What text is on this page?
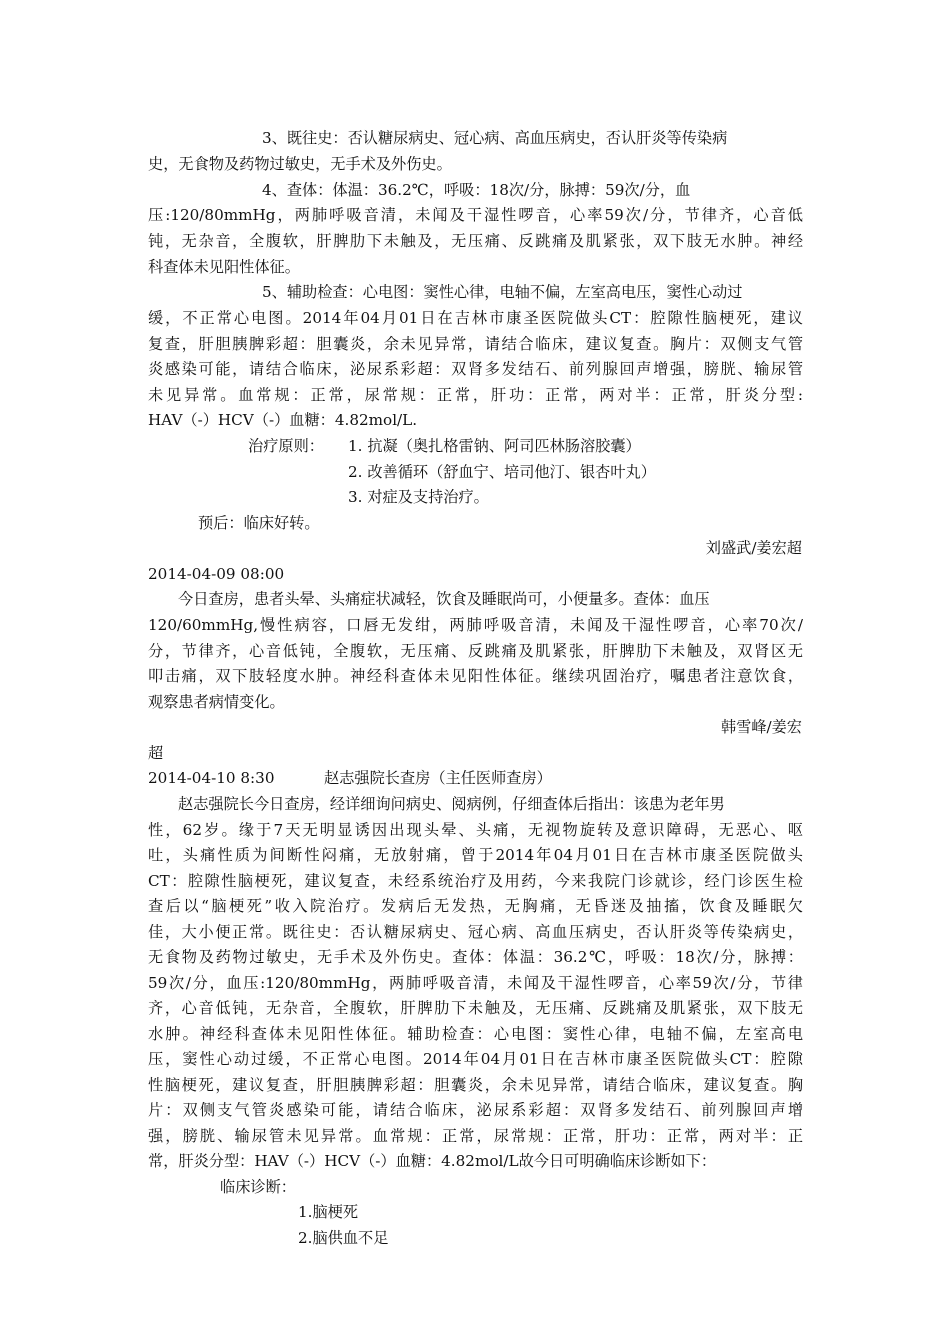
3、既往史：否认糖尿病史、冠心病、高血压病史，否认肝炎等传染病
史，无食物及药物过敏史，无手术及外伤史。
4、查体：体温：36.2℃，呼吸：18次/分，脉搏：59次/分，血
压:120/80mmHg，两肺呼吸音清，未闻及干湿性啰音，心率59次/分，节律齐，心音低
钝，无杂音，全腹软，肝脾肋下未触及，无压痛、反跳痛及肌紧张，双下肢无水肿。神经
科查体未见阳性体征。
5、辅助检查：心电图：窦性心律，电轴不偏，左室高电压，窦性心动过
缓，不正常心电图。2014年04月01日在吉林市康圣医院做头CT：腔隙性脑梗死，建议
复查，肝胆胰脾彩超：胆囊炎，余未见异常，请结合临床，建议复查。胸片：双侧支气管
炎感染可能，请结合临床，泌尿系彩超：双肾多发结石、前列腺回声增强，膀胱、输尿管
未见异常。血常规：正常，尿常规：正常，肝功：正常，两对半：正常，肝炎分型:
HAV（-）HCV（-）血糖：4.82mol/L.
治疗原则： 1. 抗凝（奥扎格雷钠、阿司匹林肠溶胶囊）
2. 改善循环（舒血宁、培司他汀、银杏叶丸）
3. 对症及支持治疗。
预后：临床好转。
刘盛武/姜宏超
2014-04-09 08:00
今日查房，患者头晕、头痛症状减轻，饮食及睡眠尚可，小便量多。查体：血压
120/60mmHg,慢性病容，口唇无发绀，两肺呼吸音清，未闻及干湿性啰音，心率70次/
分，节律齐，心音低钝，全腹软，无压痛、反跳痛及肌紧张，肝脾肋下未触及，双肾区无
叩击痛，双下肢轻度水肿。神经科查体未见阳性体征。继续巩固治疗，嘱患者注意饮食，
观察患者病情变化。
韩雪峰/姜宏
超
2014-04-10 8:30	赵志强院长查房（主任医师查房）
赵志强院长今日查房，经详细询问病史、阅病例，仔细查体后指出：该患为老年男
性，62岁。缘于7天无明显诱因出现头晕、头痛，无视物旋转及意识障碍，无恶心、呕
吐，头痛性质为间断性闷痛，无放射痛，曾于2014年04月01日在吉林市康圣医院做头
CT：腔隙性脑梗死，建议复查，未经系统治疗及用药，今来我院门诊就诊，经门诊医生检
查后以“脑梗死”收入院治疗。发病后无发热，无胸痛，无昏迷及抽搐，饮食及睡眠欠
佳，大小便正常。既往史：否认糖尿病史、冠心病、高血压病史，否认肝炎等传染病史，
无食物及药物过敏史，无手术及外伤史。查体：体温：36.2℃，呼吸：18次/分，脉搏：
59次/分，血压:120/80mmHg，两肺呼吸音清，未闻及干湿性啰音，心率59次/分，节律
齐，心音低钝，无杂音，全腹软，肝脾肋下未触及，无压痛、反跳痛及肌紧张，双下肢无
水肿。神经科查体未见阳性体征。辅助检查：心电图：窦性心律，电轴不偏，左室高电
压，窦性心动过缓，不正常心电图。2014年04月01日在吉林市康圣医院做头CT：腔隙
性脑梗死，建议复查，肝胆胰脾彩超：胆囊炎，余未见异常，请结合临床，建议复查。胸
片：双侧支气管炎感染可能，请结合临床，泌尿系彩超：双肾多发结石、前列腺回声增
强，膀胱、输尿管未见异常。血常规：正常，尿常规：正常，肝功：正常，两对半：正
常，肝炎分型：HAV（-）HCV（-）血糖：4.82mol/L故今日可明确临床诊断如下：
临床诊断：
1.脑梗死
2.脑供血不足
